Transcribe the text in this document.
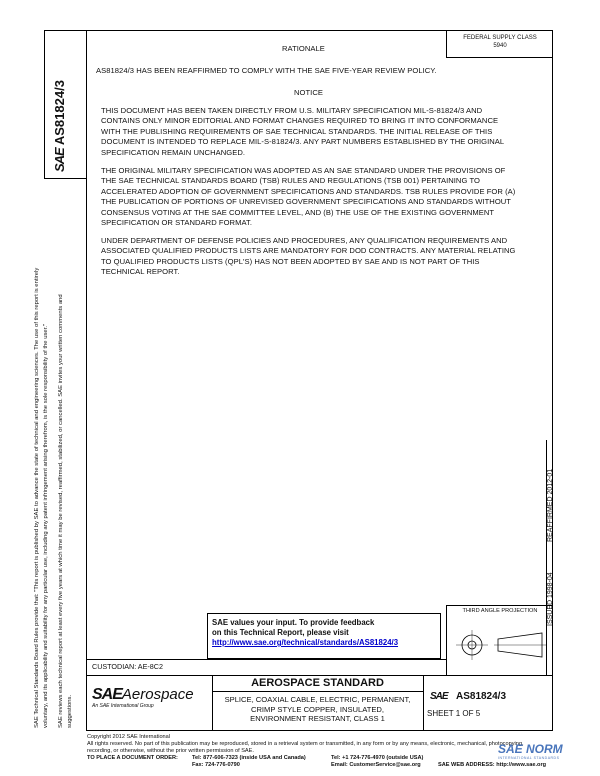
SAE Technical Standards Board Rules provide that: "This report is published by SAE to advance the state of technical and engineering sciences. The use of this report is entirely voluntary, and its applicability and suitability for any particular use, including any patent infringement arising therefrom, is the sole responsibility of the user."	SAE reviews each technical report at least every five years at which time it may be revised, reaffirmed, stabilized, or cancelled. SAE invites your written comments and suggestions.
SAE AS81824/3
FEDERAL SUPPLY CLASS
5940
RATIONALE
AS81824/3 HAS BEEN REAFFIRMED TO COMPLY WITH THE SAE FIVE-YEAR REVIEW POLICY.
NOTICE
THIS DOCUMENT HAS BEEN TAKEN DIRECTLY FROM U.S. MILITARY SPECIFICATION MIL-S-81824/3 AND CONTAINS ONLY MINOR EDITORIAL AND FORMAT CHANGES REQUIRED TO BRING IT INTO CONFORMANCE WITH THE PUBLISHING REQUIREMENTS OF SAE TECHNICAL STANDARDS. THE INITIAL RELEASE OF THIS DOCUMENT IS INTENDED TO REPLACE MIL-S-81824/3. ANY PART NUMBERS ESTABLISHED BY THE ORIGINAL SPECIFICATION REMAIN UNCHANGED.
THE ORIGINAL MILITARY SPECIFICATION WAS ADOPTED AS AN SAE STANDARD UNDER THE PROVISIONS OF THE SAE TECHNICAL STANDARDS BOARD (TSB) RULES AND REGULATIONS (TSB 001) PERTAINING TO ACCELERATED ADOPTION OF GOVERNMENT SPECIFICATIONS AND STANDARDS. TSB RULES PROVIDE FOR (A) THE PUBLICATION OF PORTIONS OF UNREVISED GOVERNMENT SPECIFICATIONS AND STANDARDS WITHOUT CONSENSUS VOTING AT THE SAE COMMITTEE LEVEL, AND (B) THE USE OF THE EXISTING GOVERNMENT SPECIFICATION OR STANDARD FORMAT.
UNDER DEPARTMENT OF DEFENSE POLICIES AND PROCEDURES, ANY QUALIFICATION REQUIREMENTS AND ASSOCIATED QUALIFIED PRODUCTS LISTS ARE MANDATORY FOR DOD CONTRACTS. ANY MATERIAL RELATING TO QUALIFIED PRODUCTS LISTS (QPL'S) HAS NOT BEEN ADOPTED BY SAE AND IS NOT PART OF THIS TECHNICAL REPORT.
REAFFIRMED 2012-01
ISSUED 1998-04
SAE values your input. To provide feedback
on this Technical Report, please visit
http://www.sae.org/technical/standards/AS81824/3
THIRD ANGLE PROJECTION
CUSTODIAN: AE-8C2
SAEAerospace
An SAE International Group
AEROSPACE STANDARD
SPLICE, COAXIAL CABLE, ELECTRIC, PERMANENT,
CRIMP STYLE COPPER, INSULATED,
ENVIRONMENT RESISTANT, CLASS 1
SAE AS81824/3
SHEET 1 OF 5
Copyright 2012 SAE International
All rights reserved. No part of this publication may be reproduced, stored in a retrieval system or transmitted, in any form or by any means, electronic, mechanical, photocopying,
recording, or otherwise, without the prior written permission of SAE.
TO PLACE A DOCUMENT ORDER:	Tel: 877-606-7323 (inside USA and Canada)
Fax: 724-776-0790
Tel: +1 724-776-4970 (outside USA)
Email: CustomerService@sae.org	SAE WEB ADDRESS: http://www.sae.org
SAE NORM
INTERNATIONAL STANDARDS
